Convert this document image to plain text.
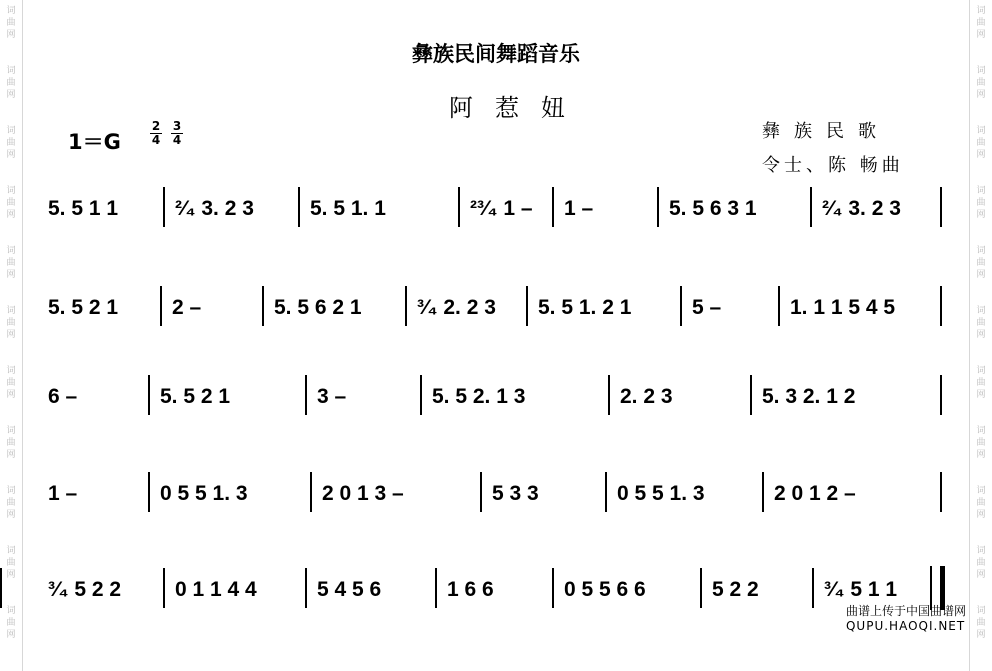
词
曲
网
词
曲
网
词
曲
网
词
曲
网
词
曲
网
词
曲
网
词
曲
网
词
曲
网
词
曲
网
词
曲
网
词
曲
网
词
曲
网
词
曲
网
词
曲
网
词
曲
网
词
曲
网
词
曲
网
词
曲
网
词
曲
网
词
曲
网
词
曲
网
词
曲
网
彝族民间舞蹈音乐
阿惹妞
1＝G
2
4
3
4	彝族民歌
令士、陈 畅曲
5. 5 1 1	²⁄₄ 3. 2 3	5. 5 1. 1	²³⁄₄ 1 –	1 –	5. 5 6 3 1	²⁄₄ 3. 2 3
5. 5 2 1	2 –	5. 5 6 2 1	³⁄₄ 2. 2 3	5. 5 1. 2 1	5 –	1. 1 1 5 4 5
6 –	5. 5 2 1	3 –	5. 5 2. 1 3	2. 2 3	5. 3 2. 1 2
1 –	0 5 5 1. 3	2 0 1 3 –	5 3 3	0 5 5 1. 3	2 0 1 2 –
³⁄₄ 5 2 2	0 1 1 4 4	5 4 5 6	1 6 6	0 5 5 6 6	5 2 2	³⁄₄ 5 1 1
曲谱上传于中国曲谱网
QUPU.HAOQI.NET
